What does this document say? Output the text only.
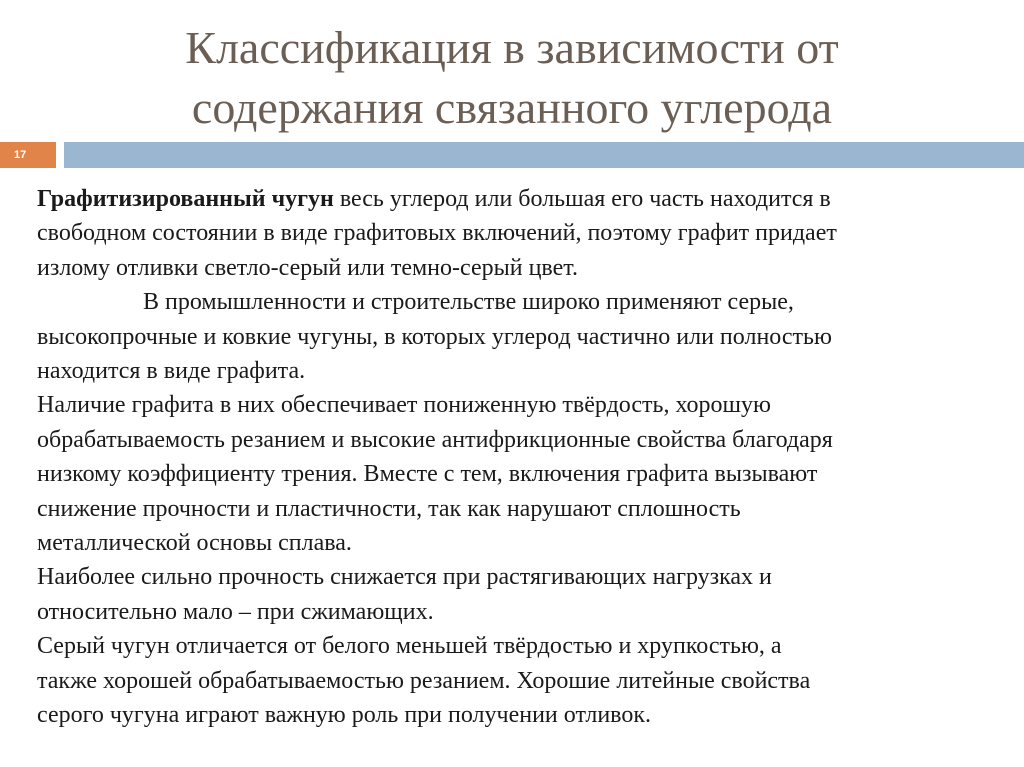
Классификация в зависимости от
содержания связанного углерода
17
Графитизированный чугун весь углерод или большая его часть находится в
свободном состоянии в виде графитовых включений, поэтому графит придает
излому отливки светло-серый или темно-серый цвет.
В промышленности и строительстве широко применяют серые,
высокопрочные и ковкие чугуны, в которых углерод частично или полностью
находится в виде графита.
Наличие графита в них обеспечивает пониженную твёрдость, хорошую
обрабатываемость резанием и высокие антифрикционные свойства благодаря
низкому коэффициенту трения. Вместе с тем, включения графита вызывают
снижение прочности и пластичности, так как нарушают сплошность
металлической основы сплава.
Наиболее сильно прочность снижается при растягивающих нагрузках и
относительно мало – при сжимающих.
Серый чугун отличается от белого меньшей твёрдостью и хрупкостью, а
также хорошей обрабатываемостью резанием. Хорошие литейные свойства
серого чугуна играют важную роль при получении отливок.
